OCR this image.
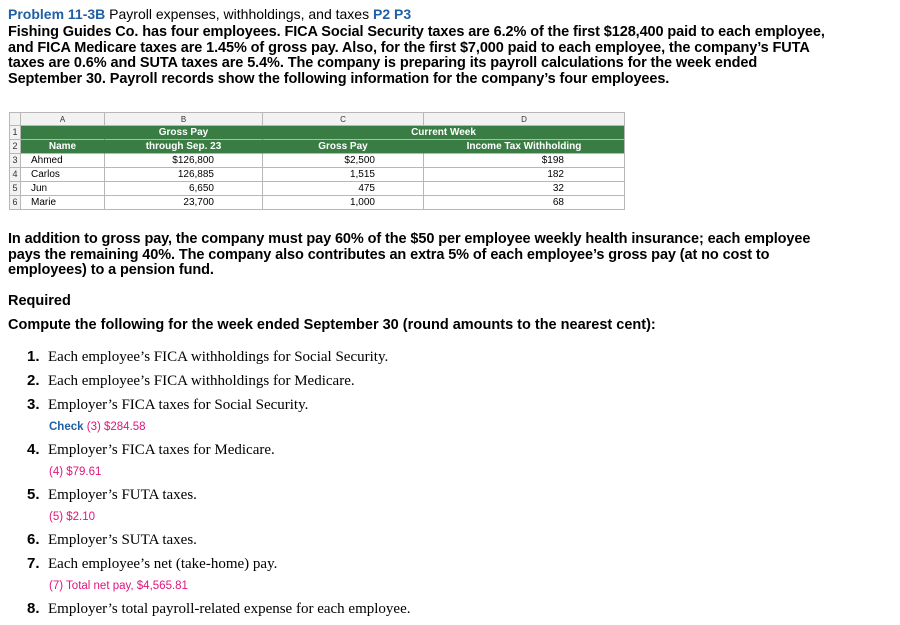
Problem 11-3B Payroll expenses, withholdings, and taxes P2 P3
Fishing Guides Co. has four employees. FICA Social Security taxes are 6.2% of the first $128,400 paid to each employee,
and FICA Medicare taxes are 1.45% of gross pay. Also, for the first $7,000 paid to each employee, the company’s FUTA
taxes are 0.6% and SUTA taxes are 5.4%. The company is preparing its payroll calculations for the week ended
September 30. Payroll records show the following information for the company’s four employees.
A	B	C	D
1	Gross Pay	Current Week
2	Name	through Sep. 23	Gross Pay	Income Tax Withholding
3	Ahmed	$126,800	$2,500	$198
4	Carlos	126,885	1,515	182
5	Jun	6,650	475	32
6	Marie	23,700	1,000	68
In addition to gross pay, the company must pay 60% of the $50 per employee weekly health insurance; each employee
pays the remaining 40%. The company also contributes an extra 5% of each employee’s gross pay (at no cost to
employees) to a pension fund.
Required
Compute the following for the week ended September 30 (round amounts to the nearest cent):
1. Each employee’s FICA withholdings for Social Security.
2. Each employee’s FICA withholdings for Medicare.
3. Employer’s FICA taxes for Social Security.
Check (3) $284.58
4. Employer’s FICA taxes for Medicare.
(4) $79.61
5. Employer’s FUTA taxes.
(5) $2.10
6. Employer’s SUTA taxes.
7. Each employee’s net (take-home) pay.
(7) Total net pay, $4,565.81
8. Employer’s total payroll-related expense for each employee.
